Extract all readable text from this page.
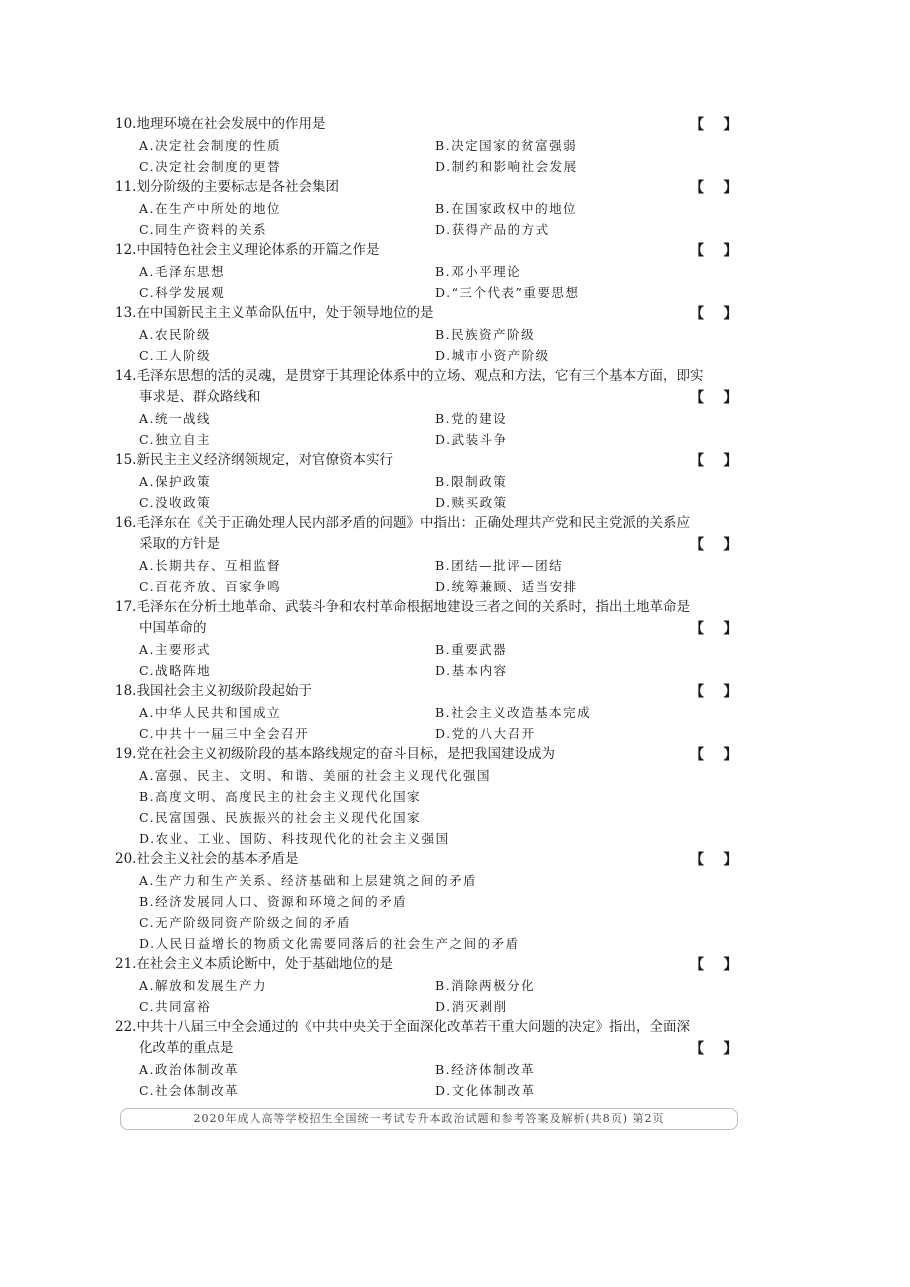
10.地理环境在社会发展中的作用是	【    】
A.决定社会制度的性质	B.决定国家的贫富强弱
C.决定社会制度的更替	D.制约和影响社会发展
11.划分阶级的主要标志是各社会集团	【    】
A.在生产中所处的地位	B.在国家政权中的地位
C.同生产资料的关系	D.获得产品的方式
12.中国特色社会主义理论体系的开篇之作是	【    】
A.毛泽东思想	B.邓小平理论
C.科学发展观	D.“三个代表”重要思想
13.在中国新民主主义革命队伍中，处于领导地位的是	【    】
A.农民阶级	B.民族资产阶级
C.工人阶级	D.城市小资产阶级
14.毛泽东思想的活的灵魂，是贯穿于其理论体系中的立场、观点和方法，它有三个基本方面，即实
事求是、群众路线和	【    】
A.统一战线	B.党的建设
C.独立自主	D.武装斗争
15.新民主主义经济纲领规定，对官僚资本实行	【    】
A.保护政策	B.限制政策
C.没收政策	D.赎买政策
16.毛泽东在《关于正确处理人民内部矛盾的问题》中指出：正确处理共产党和民主党派的关系应
采取的方针是	【    】
A.长期共存、互相监督	B.团结—批评—团结
C.百花齐放、百家争鸣	D.统筹兼顾、适当安排
17.毛泽东在分析土地革命、武装斗争和农村革命根据地建设三者之间的关系时，指出土地革命是
中国革命的	【    】
A.主要形式	B.重要武器
C.战略阵地	D.基本内容
18.我国社会主义初级阶段起始于	【    】
A.中华人民共和国成立	B.社会主义改造基本完成
C.中共十一届三中全会召开	D.党的八大召开
19.党在社会主义初级阶段的基本路线规定的奋斗目标，是把我国建设成为	【    】
A.富强、民主、文明、和谐、美丽的社会主义现代化强国
B.高度文明、高度民主的社会主义现代化国家
C.民富国强、民族振兴的社会主义现代化国家
D.农业、工业、国防、科技现代化的社会主义强国
20.社会主义社会的基本矛盾是	【    】
A.生产力和生产关系、经济基础和上层建筑之间的矛盾
B.经济发展同人口、资源和环境之间的矛盾
C.无产阶级同资产阶级之间的矛盾
D.人民日益增长的物质文化需要同落后的社会生产之间的矛盾
21.在社会主义本质论断中，处于基础地位的是	【    】
A.解放和发展生产力	B.消除两极分化
C.共同富裕	D.消灭剥削
22.中共十八届三中全会通过的《中共中央关于全面深化改革若干重大问题的决定》指出，全面深
化改革的重点是	【    】
A.政治体制改革	B.经济体制改革
C.社会体制改革	D.文化体制改革
2020年成人高等学校招生全国统一考试专升本政治试题和参考答案及解析(共8页) 第2页
